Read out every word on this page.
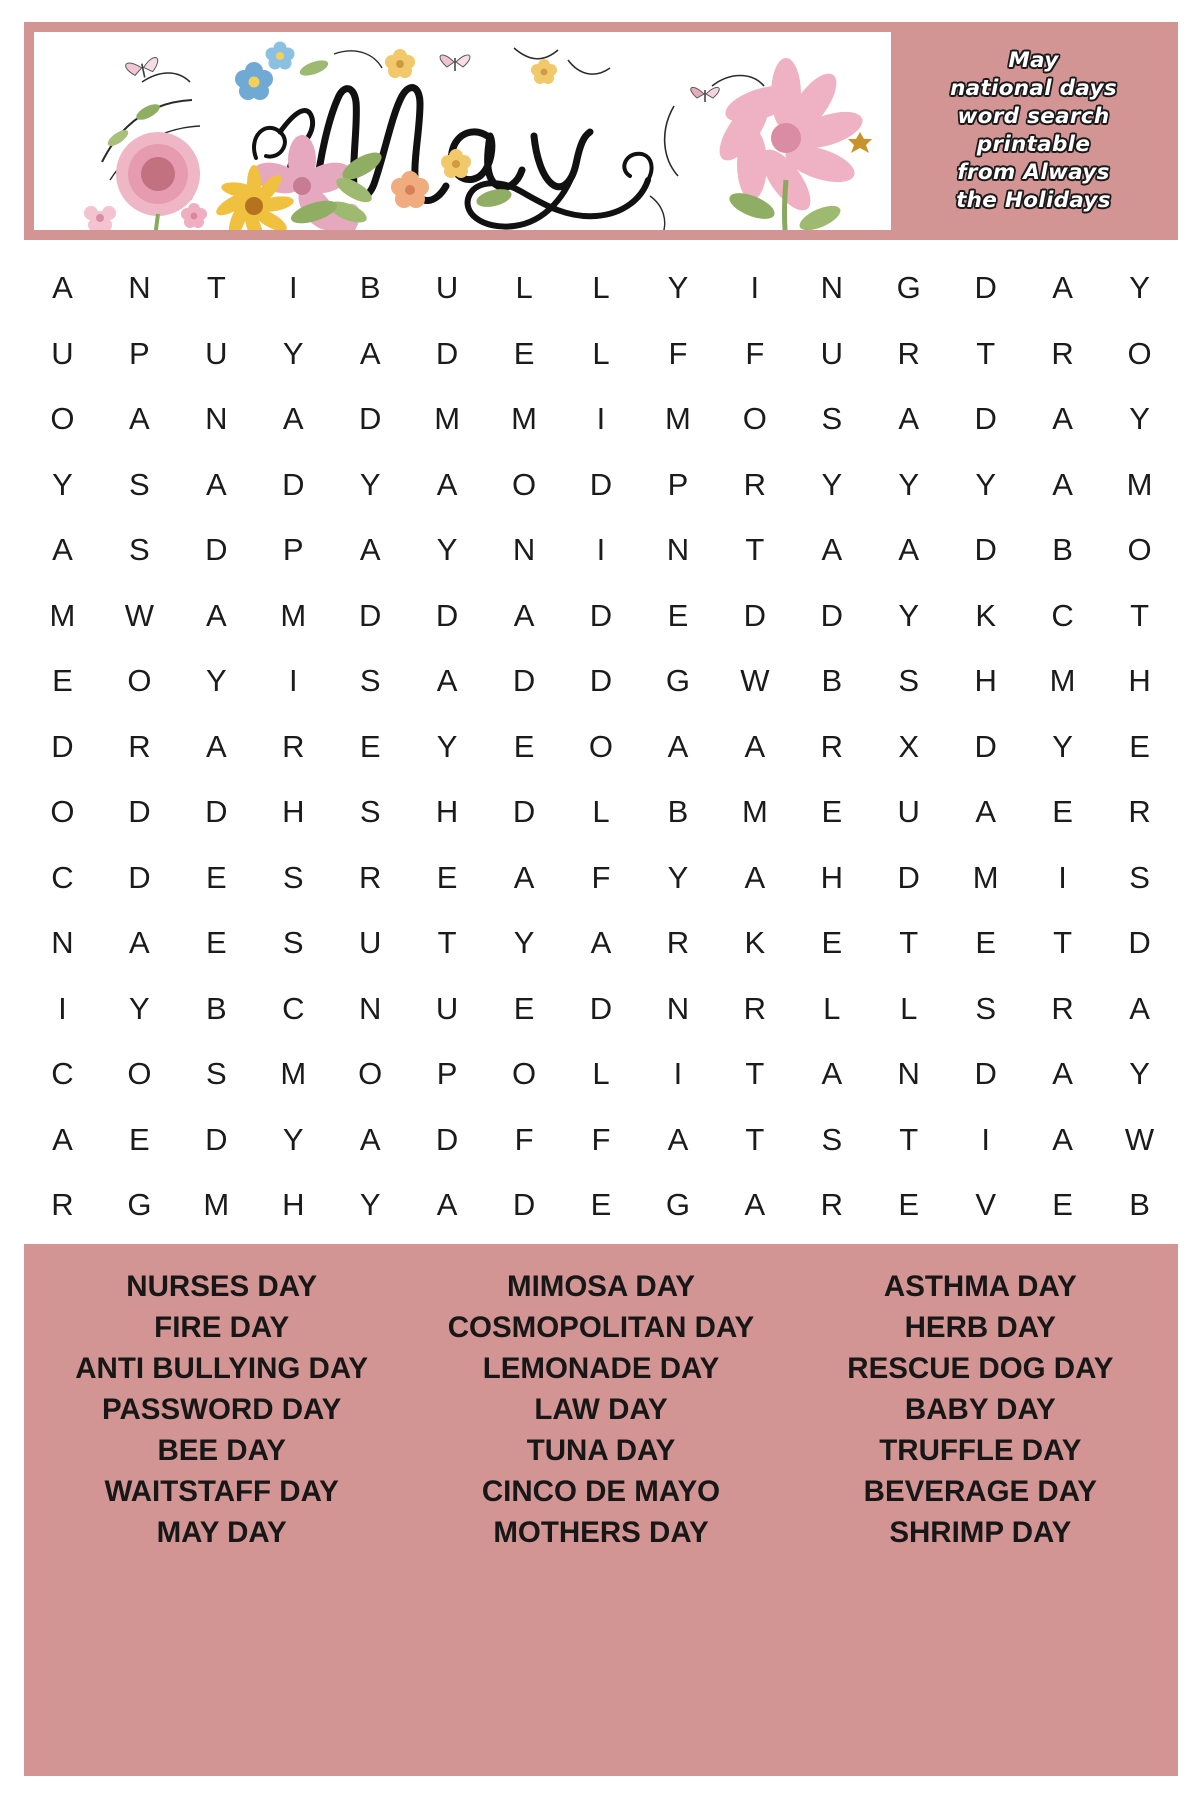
May
national days
word search
printable
from Always
the Holidays
A N T I B U L L Y I N G D A Y
U P U Y A D E L F F U R T R O
O A N A D M M I M O S A D A Y
Y S A D Y A O D P R Y Y Y A M
A S D P A Y N I N T A A D B O
M W A M D D A D E D D Y K C T
E O Y I S A D D G W B S H M H
D R A R E Y E O A A R X D Y E
O D D H S H D L B M E U A E R
C D E S R E A F Y A H D M I S
N A E S U T Y A R K E T E T D
I Y B C N U E D N R L L S R A
C O S M O P O L I T A N D A Y
A E D Y A D F F A T S T I A W
R G M H Y A D E G A R E V E B
NURSES DAY
FIRE DAY
ANTI BULLYING DAY
PASSWORD DAY
BEE DAY
WAITSTAFF DAY
MAY DAY
MIMOSA DAY
COSMOPOLITAN DAY
LEMONADE DAY
LAW DAY
TUNA DAY
CINCO DE MAYO
MOTHERS DAY
ASTHMA DAY
HERB DAY
RESCUE DOG DAY
BABY DAY
TRUFFLE DAY
BEVERAGE DAY
SHRIMP DAY
